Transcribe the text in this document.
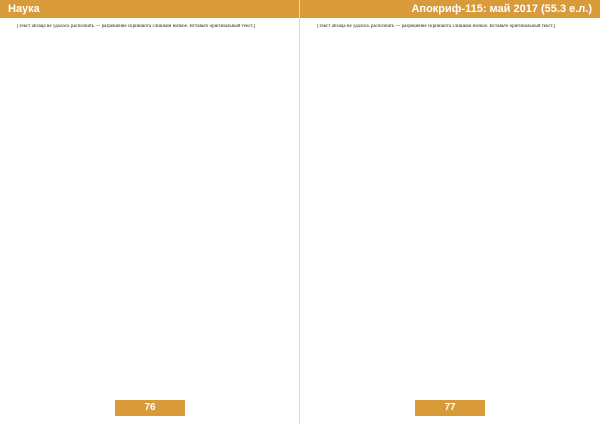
Наука

[Текст абзаца не удалось распознать — разрешение скриншота слишком низкое. Вставьте оригинальный текст.]

76
Апокриф-115: май 2017 (55.3 е.л.)

[Текст абзаца не удалось распознать — разрешение скриншота слишком низкое. Вставьте оригинальный текст.]

77
